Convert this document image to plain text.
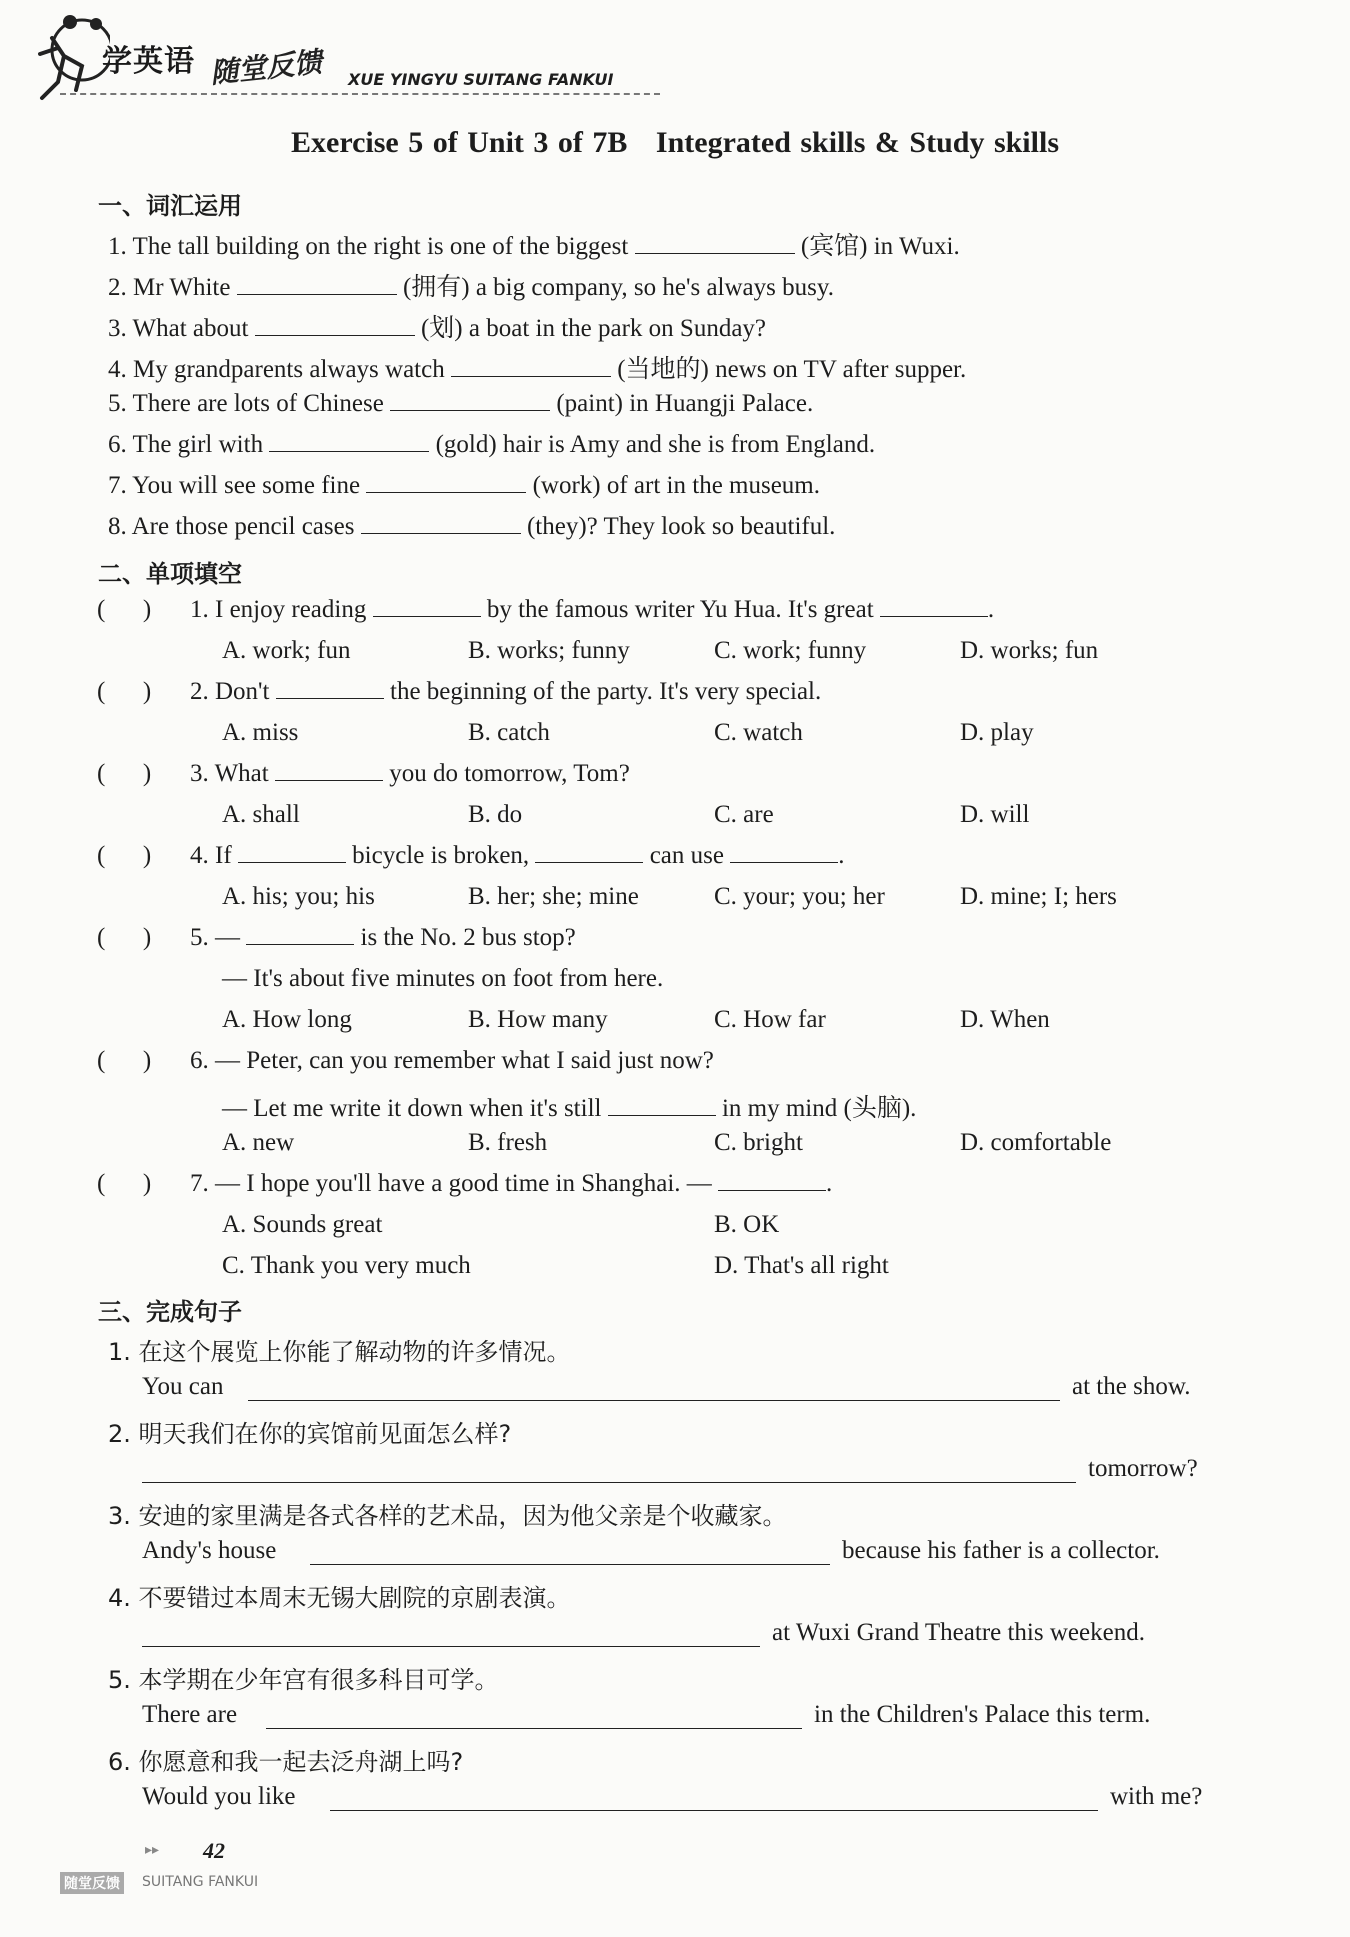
学英语 随堂反馈 XUE YINGYU SUITANG FANKUI
Exercise 5 of Unit 3 of 7B   Integrated skills & Study skills
一、词汇运用
1. The tall building on the right is one of the biggest	(宾馆) in Wuxi.
2. Mr White	(拥有) a big company, so he's always busy.
3. What about	(划) a boat in the park on Sunday?
4. My grandparents always watch	(当地的) news on TV after supper.
5. There are lots of Chinese	(paint) in Huangji Palace.
6. The girl with	(gold) hair is Amy and she is from England.
7. You will see some fine	(work) of art in the museum.
8. Are those pencil cases	(they)? They look so beautiful.
二、单项填空
(      ) 1. I enjoy reading	by the famous writer Yu Hua. It's great	.
A. work; fun	B. works; funny	C. work; funny	D. works; fun
(      ) 2. Don't	the beginning of the party. It's very special.
A. miss	B. catch	C. watch	D. play
(      ) 3. What	you do tomorrow, Tom?
A. shall	B. do	C. are	D. will
(      ) 4. If	bicycle is broken,	can use	.
A. his; you; his	B. her; she; mine	C. your; you; her	D. mine; I; hers
(      ) 5. —	is the No. 2 bus stop?
— It's about five minutes on foot from here.
A. How long	B. How many	C. How far	D. When
(      ) 6. — Peter, can you remember what I said just now?
— Let me write it down when it's still	in my mind (头脑).
A. new	B. fresh	C. bright	D. comfortable
(      ) 7. — I hope you'll have a good time in Shanghai. —	.
A. Sounds great	B. OK
C. Thank you very much	D. That's all right
三、完成句子
1. 在这个展览上你能了解动物的许多情况。
You can	at the show.
2. 明天我们在你的宾馆前见面怎么样?
tomorrow?
3. 安迪的家里满是各式各样的艺术品，因为他父亲是个收藏家。
Andy's house	because his father is a collector.
4. 不要错过本周末无锡大剧院的京剧表演。
at Wuxi Grand Theatre this weekend.
5. 本学期在少年宫有很多科目可学。
There are	in the Children's Palace this term.
6. 你愿意和我一起去泛舟湖上吗?
Would you like	with me?
▸▸ 42
随堂反馈 SUITANG FANKUI
